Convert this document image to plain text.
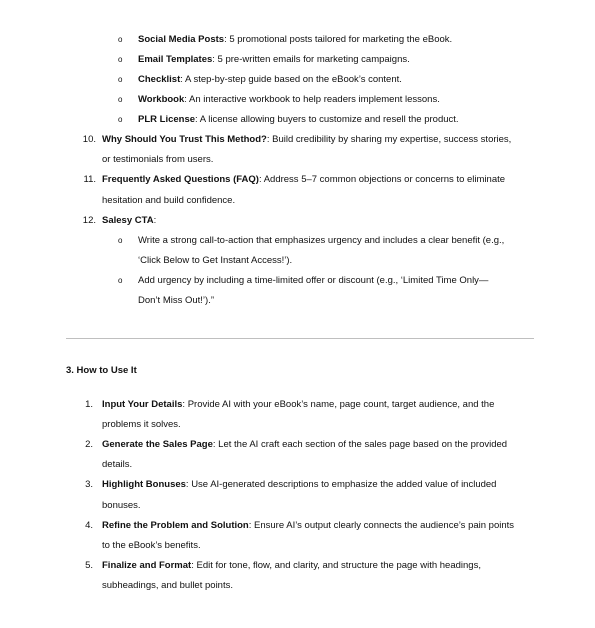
o Social Media Posts: 5 promotional posts tailored for marketing the eBook.
o Email Templates: 5 pre-written emails for marketing campaigns.
o Checklist: A step-by-step guide based on the eBook’s content.
o Workbook: An interactive workbook to help readers implement lessons.
o PLR License: A license allowing buyers to customize and resell the product.
10. Why Should You Trust This Method?: Build credibility by sharing my expertise, success stories,
or testimonials from users.
11. Frequently Asked Questions (FAQ): Address 5–7 common objections or concerns to eliminate
hesitation and build confidence.
12. Salesy CTA:
o Write a strong call-to-action that emphasizes urgency and includes a clear benefit (e.g.,
‘Click Below to Get Instant Access!’).
o Add urgency by including a time-limited offer or discount (e.g., ‘Limited Time Only—
Don’t Miss Out!’).”
3. How to Use It
1. Input Your Details: Provide AI with your eBook’s name, page count, target audience, and the
problems it solves.
2. Generate the Sales Page: Let the AI craft each section of the sales page based on the provided
details.
3. Highlight Bonuses: Use AI-generated descriptions to emphasize the added value of included
bonuses.
4. Refine the Problem and Solution: Ensure AI’s output clearly connects the audience’s pain points
to the eBook’s benefits.
5. Finalize and Format: Edit for tone, flow, and clarity, and structure the page with headings,
subheadings, and bullet points.
